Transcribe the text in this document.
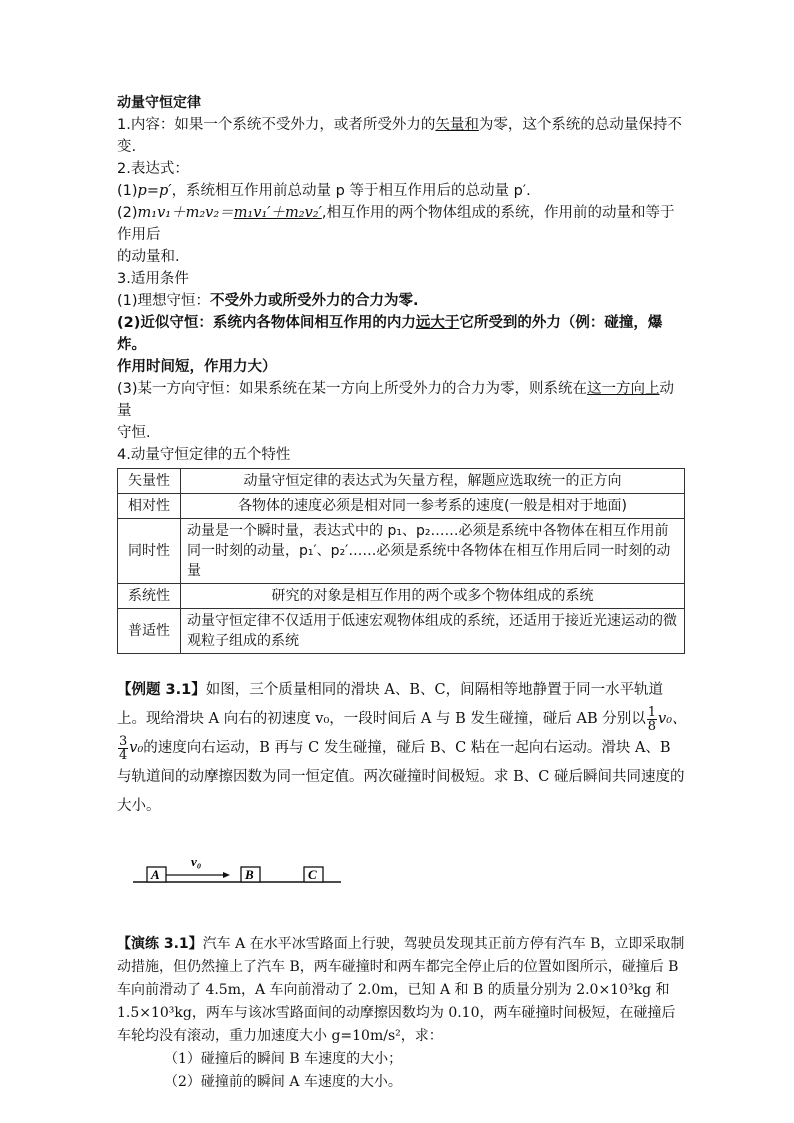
动量守恒定律

1.内容：如果一个系统不受外力，或者所受外力的矢量和为零，这个系统的总动量保持不变.

2.表达式：

(1)p=p′，系统相互作用前总动量 p 等于相互作用后的总动量 p′.

(2)m₁v₁＋m₂v₂＝m₁v₁′＋m₂v₂′,相互作用的两个物体组成的系统，作用前的动量和等于作用后

的动量和.

3.适用条件

(1)理想守恒：不受外力或所受外力的合力为零.

(2)近似守恒：系统内各物体间相互作用的内力远大于它所受到的外力（例：碰撞，爆炸。

作用时间短，作用力大）

(3)某一方向守恒：如果系统在某一方向上所受外力的合力为零，则系统在这一方向上动量

守恒.

4.动量守恒定律的五个特性

矢量性	动量守恒定律的表达式为矢量方程，解题应选取统一的正方向
相对性	各物体的速度必须是相对同一参考系的速度(一般是相对于地面)
同时性	动量是一个瞬时量，表达式中的 p₁、p₂……必须是系统中各物体在相互作用前同一时刻的动量，p₁′、p₂′……必须是系统中各物体在相互作用后同一时刻的动量
系统性	研究的对象是相互作用的两个或多个物体组成的系统
普适性	动量守恒定律不仅适用于低速宏观物体组成的系统，还适用于接近光速运动的微观粒子组成的系统
【例题 3.1】如图，三个质量相同的滑块 A、B、C，间隔相等地静置于同一水平轨道上。现给滑块 A 向右的初速度 v₀，一段时间后 A 与 B 发生碰撞，碰后 AB 分别以 $\frac{1}{8} v_0$、
$\frac{3}{4} v_0$的速度向右运动，B 再与 C 发生碰撞，碰后 B、C 粘在一起向右运动。滑块 A、B 与轨道间的动摩擦因数为同一恒定值。两次碰撞时间极短。求 B、C 碰后瞬间共同速度的大小。
A	B	C
v₀
【演练 3.1】汽车 A 在水平冰雪路面上行驶，驾驶员发现其正前方停有汽车 B，立即采取制动措施，但仍然撞上了汽车 B，两车碰撞时和两车都完全停止后的位置如图所示，碰撞后 B 车向前滑动了 4.5m，A 车向前滑动了 2.0m，已知 A 和 B 的质量分别为 2.0×10³kg 和 1.5×10³kg，两车与该冰雪路面间的动摩擦因数均为 0.10，两车碰撞时间极短，在碰撞后车轮均没有滚动，重力加速度大小 g=10m/s²，求：
（1）碰撞后的瞬间 B 车速度的大小；
（2）碰撞前的瞬间 A 车速度的大小。
